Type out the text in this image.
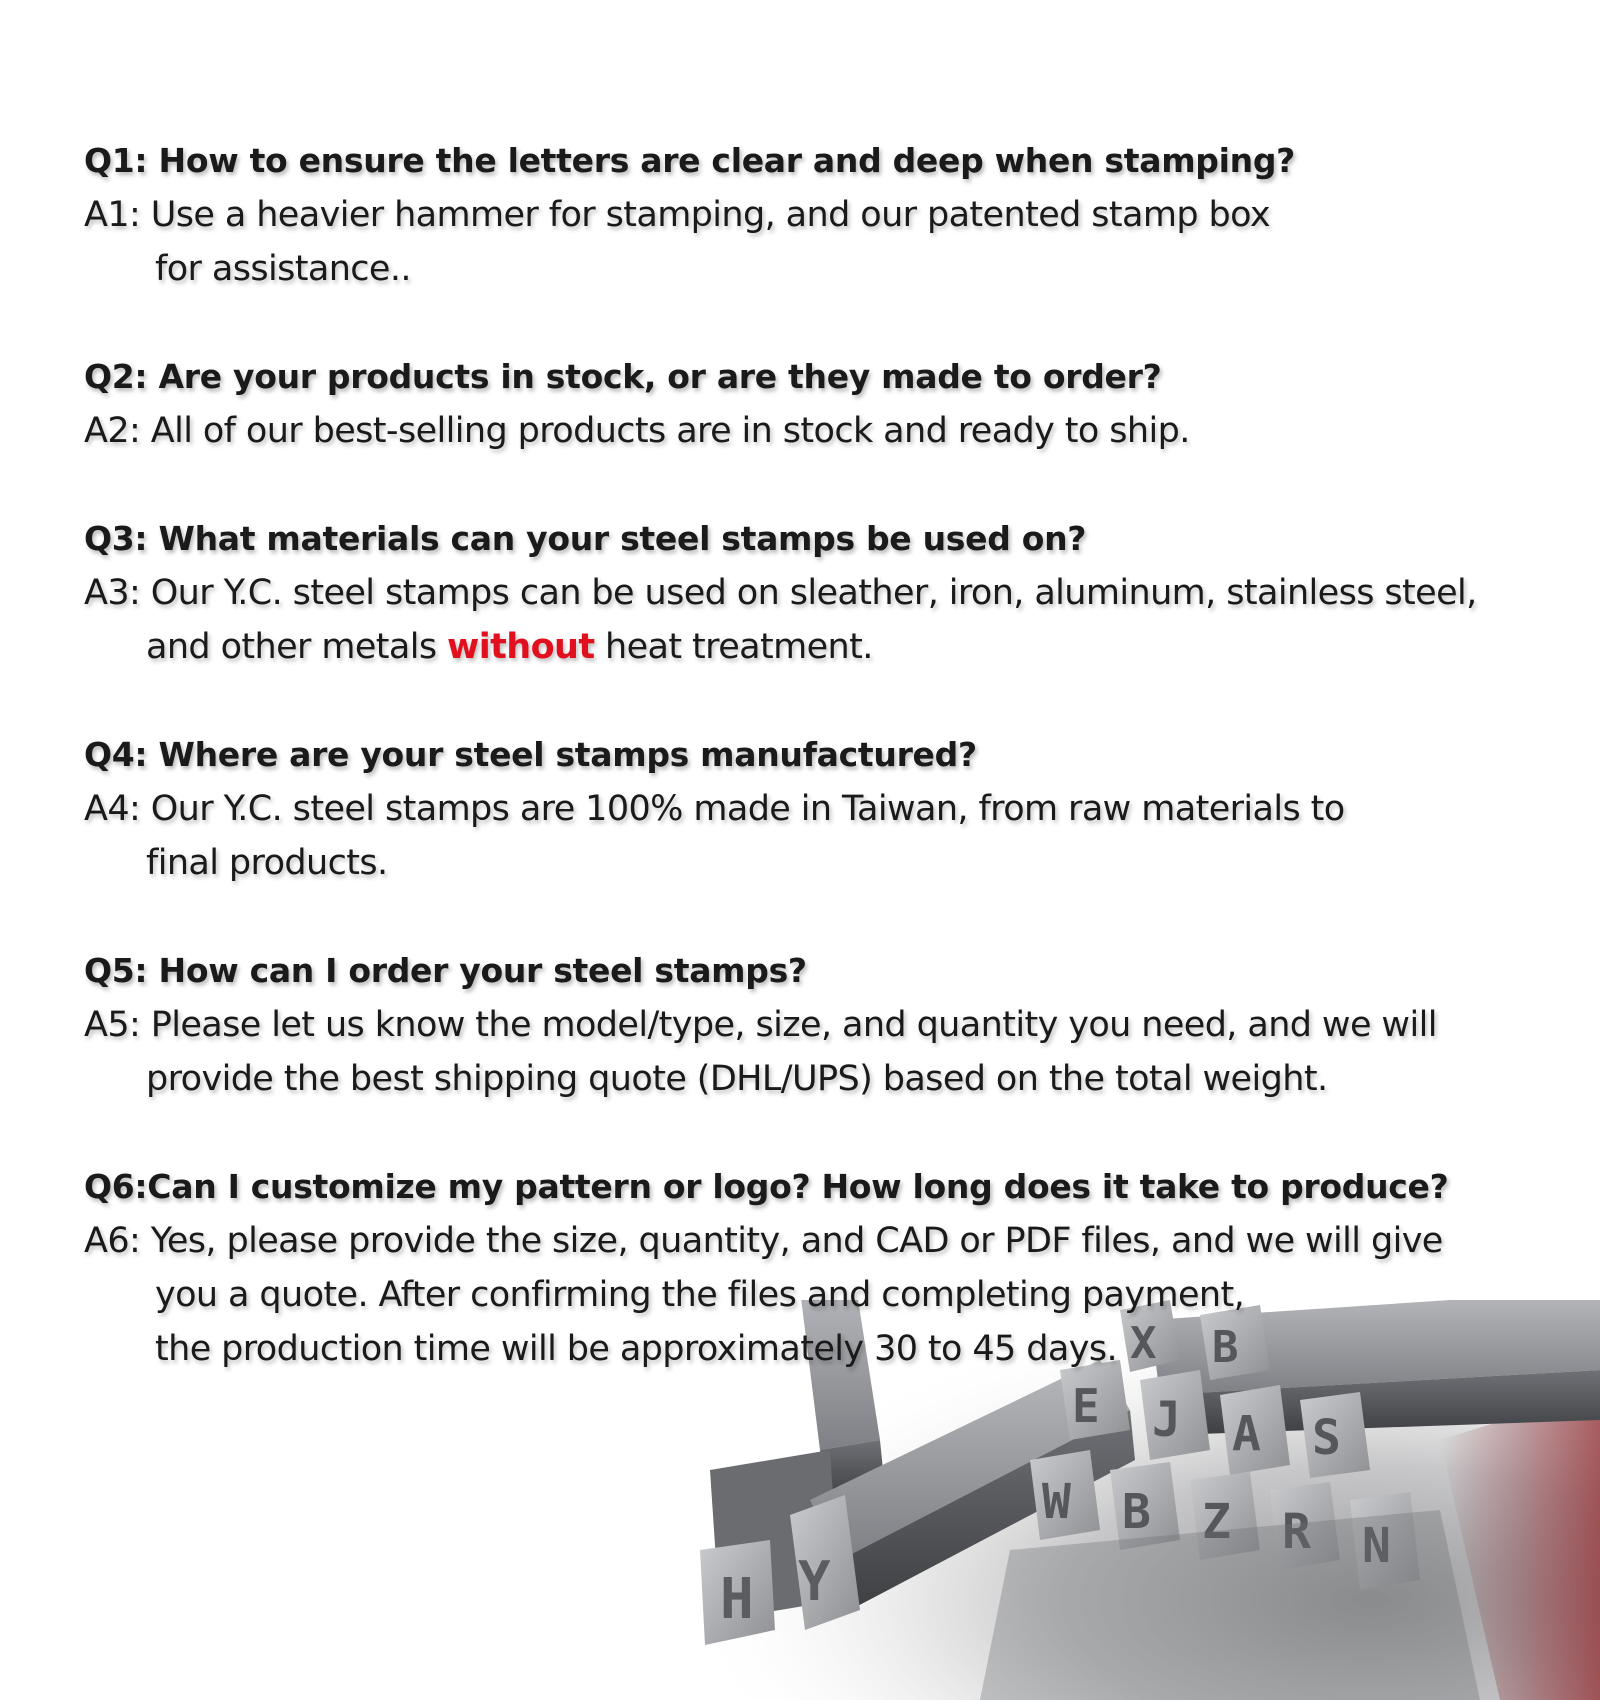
H Y
X B
E J A S
W B Z R N
Q1: How to ensure the letters are clear and deep when stamping?
A1: Use a heavier hammer for stamping, and our patented stamp box
for assistance..
Q2: Are your products in stock, or are they made to order?
A2: All of our best-selling products are in stock and ready to ship.
Q3: What materials can your steel stamps be used on?
A3: Our Y.C. steel stamps can be used on sleather, iron, aluminum, stainless steel,
and other metals without heat treatment.
Q4: Where are your steel stamps manufactured?
A4: Our Y.C. steel stamps are 100% made in Taiwan, from raw materials to
final products.
Q5: How can I order your steel stamps?
A5: Please let us know the model/type, size, and quantity you need, and we will
provide the best shipping quote (DHL/UPS) based on the total weight.
Q6:Can I customize my pattern or logo? How long does it take to produce?
A6: Yes, please provide the size, quantity, and CAD or PDF files, and we will give
you a quote. After confirming the files and completing payment,
the production time will be approximately 30 to 45 days.
